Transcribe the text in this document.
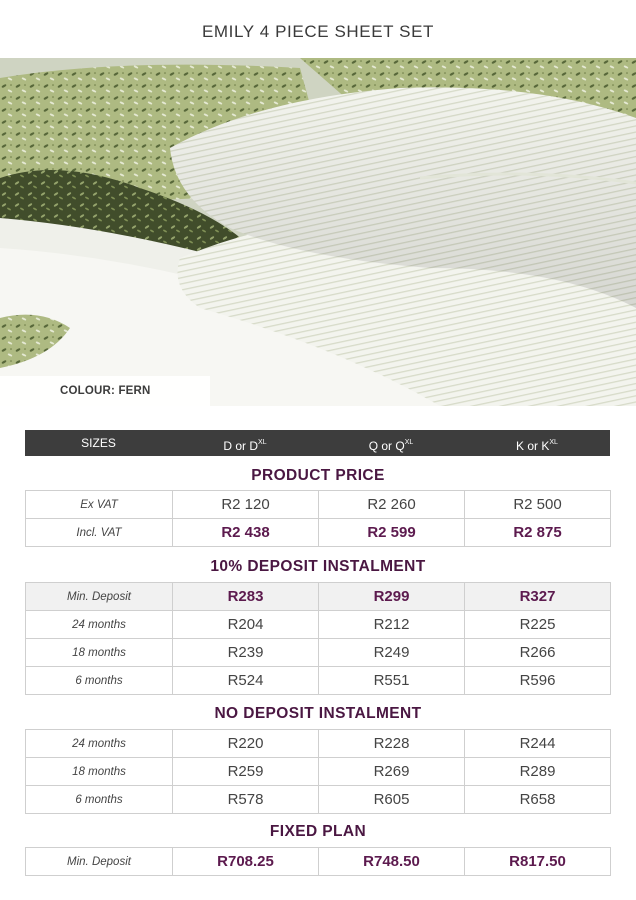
EMILY 4 PIECE SHEET SET
COLOUR: FERN
SIZES	D or $D^{XL}$	Q or $Q^{XL}$	K or $K^{XL}$
PRODUCT PRICE
Ex VAT	R2 120	R2 260	R2 500
Incl. VAT	R2 438	R2 599	R2 875
10% DEPOSIT INSTALMENT
Min. Deposit	R283	R299	R327
24 months	R204	R212	R225
18 months	R239	R249	R266
6 months	R524	R551	R596
NO DEPOSIT INSTALMENT
24 months	R220	R228	R244
18 months	R259	R269	R289
6 months	R578	R605	R658
FIXED PLAN
Min. Deposit	R708.25	R748.50	R817.50
